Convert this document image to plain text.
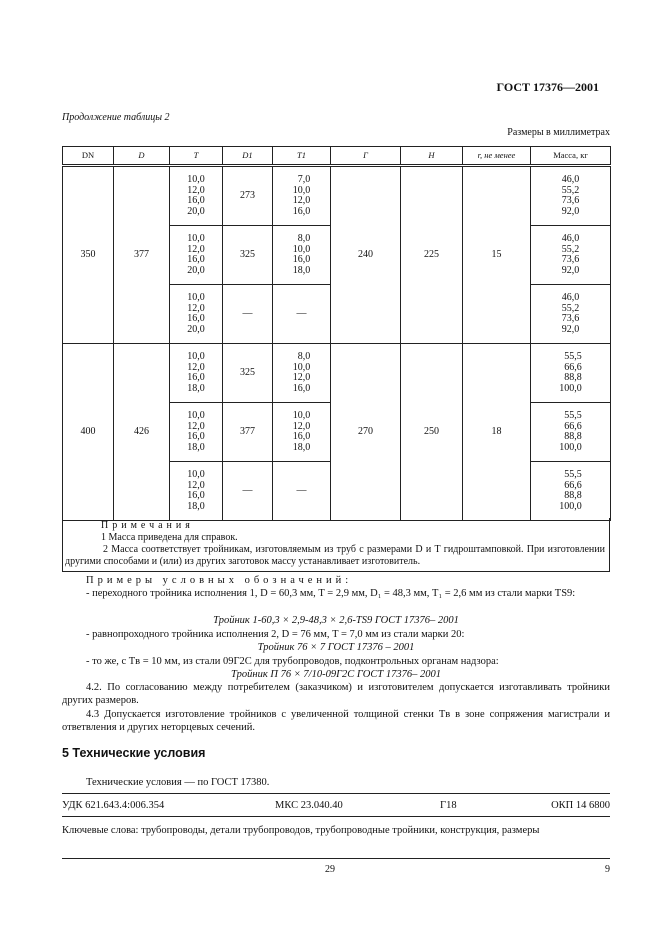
ГОСТ 17376—2001
Продолжение таблицы 2
Размеры в миллиметрах
DN	D	T	D1	T1	Г	H	r, не менее	Масса, кг
350	377	10,0
12,0
16,0
20,0	273	7,0
10,0
12,0
16,0	240	225	15	46,0
55,2
73,6
92,0
		10,0
12,0
16,0
20,0	325	8,0
10,0
16,0
18,0				46,0
55,2
73,6
92,0
		10,0
12,0
16,0
20,0	—	—				46,0
55,2
73,6
92,0
400	426	10,0
12,0
16,0
18,0	325	8,0
10,0
12,0
16,0	270	250	18	55,5
66,6
88,8
100,0
		10,0
12,0
16,0
18,0	377	10,0
12,0
16,0
18,0				55,5
66,6
88,8
100,0
		10,0
12,0
16,0
18,0	—	—				55,5
66,6
88,8
100,0
Примечания
1 Масса приведена для справок.
2 Масса соответствует тройникам, изготовляемым из труб с размерами D и T гидроштамповкой. При изготовлении другими способами и (или) из других заготовок массу устанавливает изготовитель.
Примеры условных обозначений:
- переходного тройника исполнения 1, D = 60,3 мм, T = 2,9 мм, D₁ = 48,3 мм, T₁ = 2,6 мм из стали марки TS9:
Тройник 1-60,3 × 2,9-48,3 × 2,6-TS9 ГОСТ 17376– 2001
- равнопроходного тройника исполнения 2, D = 76 мм, T = 7,0 мм из стали марки 20:
Тройник 76 × 7 ГОСТ 17376 – 2001
- то же, с Tв = 10 мм, из стали 09Г2С для трубопроводов, подконтрольных органам надзора:
Тройник П 76 × 7/10-09Г2С ГОСТ 17376– 2001
4.2. По согласованию между потребителем (заказчиком) и изготовителем допускается изготавливать тройники других размеров.
4.3 Допускается изготовление тройников с увеличенной толщиной стенки Tв в зоне сопряжения магистрали и ответвления и других неторцевых сечений.
5 Технические условия
Технические условия — по ГОСТ 17380.
УДК 621.643.4:006.354	МКС 23.040.40	Г18	ОКП 14 6800
Ключевые слова: трубопроводы, детали трубопроводов, трубопроводные тройники, конструкция, размеры
29	9
